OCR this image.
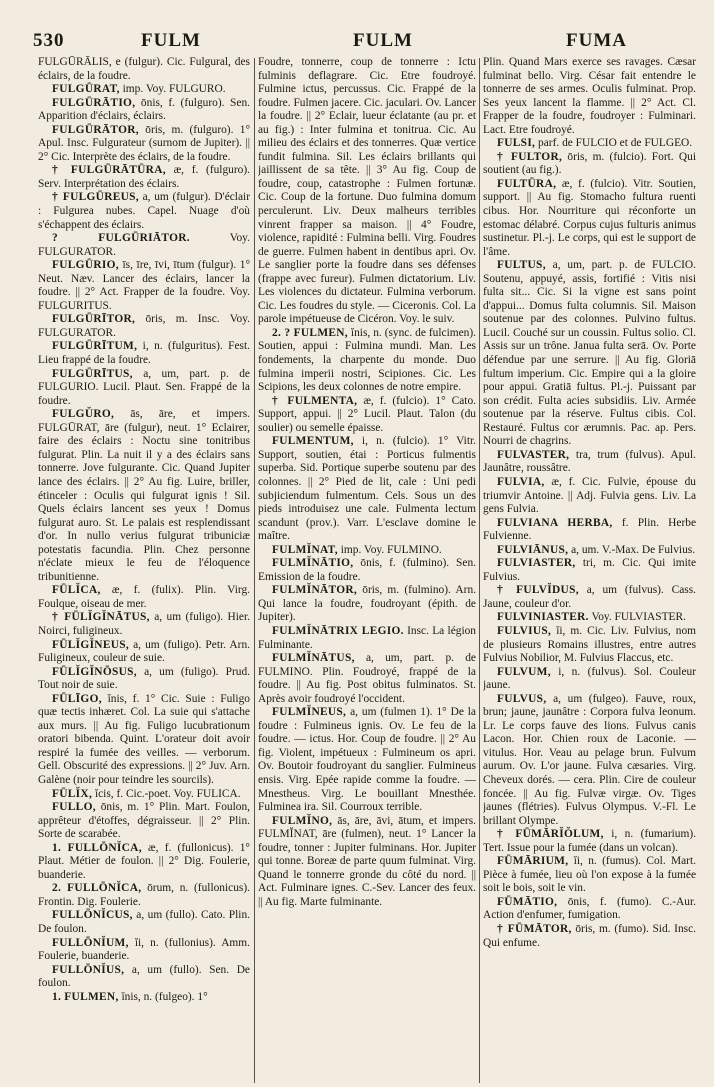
530	FULM	FULM	FUMA

FULGŪRĀLIS, e (fulgur). Cic. Fulgural, des éclairs, de la foudre.

FULGŪRAT, imp. Voy. FULGURO.

FULGŪRĀTIO, ōnis, f. (fulguro). Sen. Apparition d'éclairs, éclairs.

FULGŪRĀTOR, ōris, m. (fulguro). 1° Apul. Insc. Fulgurateur (surnom de Jupiter). || 2° Cic. Interprète des éclairs, de la foudre.

† FULGŪRĀTŪRA, æ, f. (fulguro). Serv. Interprétation des éclairs.

† FULGŪREUS, a, um (fulgur). D'éclair : Fulgurea nubes. Capel. Nuage d'où s'échappent des éclairs.

? FULGŪRIĀTOR. Voy. FULGURATOR.

FULGŪRIO, īs, īre, īvi, ītum (fulgur). 1° Neut. Næv. Lancer des éclairs, lancer la foudre. || 2° Act. Frapper de la foudre. Voy. FULGURITUS.

FULGŪRĪTOR, ōris, m. Insc. Voy. FULGURATOR.

FULGŪRĪTUM, i, n. (fulguritus). Fest. Lieu frappé de la foudre.

FULGŪRĪTUS, a, um, part. p. de FULGURIO. Lucil. Plaut. Sen. Frappé de la foudre.

FULGŬRO, ās, āre, et impers. FULGŪRAT, āre (fulgur), neut. 1° Eclairer, faire des éclairs : Noctu sine tonitribus fulgurat. Plin. La nuit il y a des éclairs sans tonnerre. Jove fulgurante. Cic. Quand Jupiter lance des éclairs. || 2° Au fig. Luire, briller, étinceler : Oculis qui fulgurat ignis ! Sil. Quels éclairs lancent ses yeux ! Domus fulgurat auro. St. Le palais est resplendissant d'or. In nullo verius fulgurat tribuniciæ potestatis facundia. Plin. Chez personne n'éclate mieux le feu de l'éloquence tribunitienne.

FŪLĬCA, æ, f. (fulix). Plin. Virg. Foulque, oiseau de mer.

† FŪLĬGĬNĀTUS, a, um (fuligo). Hier. Noirci, fuligineux.

FŪLĬGĬNEUS, a, um (fuligo). Petr. Arn. Fuligineux, couleur de suie.

FŪLĬGĬNŌSUS, a, um (fuligo). Prud. Tout noir de suie.

FŪLĪGO, ĭnis, f. 1° Cic. Suie : Fuligo quæ tectis inhæret. Col. La suie qui s'attache aux murs. || Au fig. Fuligo lucubrationum oratori bibenda. Quint. L'orateur doit avoir respiré la fumée des veilles. — verborum. Gell. Obscurité des expressions. || 2° Juv. Arn. Galène (noir pour teindre les sourcils).

FŪLĬX, ĭcis, f. Cic.-poet. Voy. FULICA.

FULLO, ōnis, m. 1° Plin. Mart. Foulon, apprêteur d'étoffes, dégraisseur. || 2° Plin. Sorte de scarabée.

1. FULLŌNĬCA, æ, f. (fullonicus). 1° Plaut. Métier de foulon. || 2° Dig. Foulerie, buanderie.

2. FULLŌNĬCA, ōrum, n. (fullonicus). Frontin. Dig. Foulerie.

FULLŌNĬCUS, a, um (fullo). Cato. Plin. De foulon.

FULLŌNĬUM, ĭi, n. (fullonius). Amm. Foulerie, buanderie.

FULLŌNĬUS, a, um (fullo). Sen. De foulon.

1. FULMEN, ĭnis, n. (fulgeo). 1°

Foudre, tonnerre, coup de tonnerre : Ictu fulminis deflagrare. Cic. Etre foudroyé. Fulmine ictus, percussus. Cic. Frappé de la foudre. Fulmen jacere. Cic. jaculari. Ov. Lancer la foudre. || 2° Eclair, lueur éclatante (au pr. et au fig.) : Inter fulmina et tonitrua. Cic. Au milieu des éclairs et des tonnerres. Quæ vertice fundit fulmina. Sil. Les éclairs brillants qui jaillissent de sa tête. || 3° Au fig. Coup de foudre, coup, catastrophe : Fulmen fortunæ. Cic. Coup de la fortune. Duo fulmina domum perculerunt. Liv. Deux malheurs terribles vinrent frapper sa maison. || 4° Foudre, violence, rapidité : Fulmina belli. Virg. Foudres de guerre. Fulmen habent in dentibus apri. Ov. Le sanglier porte la foudre dans ses défenses (frappe avec fureur). Fulmen dictatorium. Liv. Les violences du dictateur. Fulmina verborum. Cic. Les foudres du style. — Ciceronis. Col. La parole impétueuse de Cicéron. Voy. le suiv.

2. ? FULMEN, ĭnis, n. (sync. de fulcimen). Soutien, appui : Fulmina mundi. Man. Les fondements, la charpente du monde. Duo fulmina imperii nostri, Scipiones. Cic. Les Scipions, les deux colonnes de notre empire.

† FULMENTA, æ, f. (fulcio). 1° Cato. Support, appui. || 2° Lucil. Plaut. Talon (du soulier) ou semelle épaisse.

FULMENTUM, i, n. (fulcio). 1° Vitr. Support, soutien, étai : Porticus fulmentis superba. Sid. Portique superbe soutenu par des colonnes. || 2° Pied de lit, cale : Uni pedi subjiciendum fulmentum. Cels. Sous un des pieds introduisez une cale. Fulmenta lectum scandunt (prov.). Varr. L'esclave domine le maître.

FULMĬNAT, imp. Voy. FULMINO.

FULMĬNĀTIO, ōnis, f. (fulmino). Sen. Emission de la foudre.

FULMĬNĀTOR, ōris, m. (fulmino). Arn. Qui lance la foudre, foudroyant (épith. de Jupiter).

FULMĬNĀTRIX LEGIO. Insc. La légion Fulminante.

FULMĬNĀTUS, a, um, part. p. de FULMINO. Plin. Foudroyé, frappé de la foudre. || Au fig. Post obitus fulminatos. St. Après avoir foudroyé l'occident.

FULMĬNEUS, a, um (fulmen 1). 1° De la foudre : Fulmineus ignis. Ov. Le feu de la foudre. — ictus. Hor. Coup de foudre. || 2° Au fig. Violent, impétueux : Fulmineum os apri. Ov. Boutoir foudroyant du sanglier. Fulmineus ensis. Virg. Epée rapide comme la foudre. — Mnestheus. Virg. Le bouillant Mnesthée. Fulminea ira. Sil. Courroux terrible.

FULMĬNO, ās, āre, āvi, ātum, et impers. FULMĬNAT, āre (fulmen), neut. 1° Lancer la foudre, tonner : Jupiter fulminans. Hor. Jupiter qui tonne. Boreæ de parte quum fulminat. Virg. Quand le tonnerre gronde du côté du nord. || Act. Fulminare ignes. C.-Sev. Lancer des feux. || Au fig. Marte fulminante.

Plin. Quand Mars exerce ses ravages. Cæsar fulminat bello. Virg. César fait entendre le tonnerre de ses armes. Oculis fulminat. Prop. Ses yeux lancent la flamme. || 2° Act. Cl. Frapper de la foudre, foudroyer : Fulminari. Lact. Etre foudroyé.

FULSI, parf. de FULCIO et de FULGEO.

† FULTOR, ōris, m. (fulcio). Fort. Qui soutient (au fig.).

FULTŪRA, æ, f. (fulcio). Vitr. Soutien, support. || Au fig. Stomacho fultura ruenti cibus. Hor. Nourriture qui réconforte un estomac délabré. Corpus cujus fulturis animus sustinetur. Pl.-j. Le corps, qui est le support de l'âme.

FULTUS, a, um, part. p. de FULCIO. Soutenu, appuyé, assis, fortifié : Vitis nisi fulta sit... Cic. Si la vigne est sans point d'appui... Domus fulta columnis. Sil. Maison soutenue par des colonnes. Pulvino fultus. Lucil. Couché sur un coussin. Fultus solio. Cl. Assis sur un trône. Janua fulta serā. Ov. Porte défendue par une serrure. || Au fig. Gloriā fultum imperium. Cic. Empire qui a la gloire pour appui. Gratiā fultus. Pl.-j. Puissant par son crédit. Fulta acies subsidiis. Liv. Armée soutenue par la réserve. Fultus cibis. Col. Restauré. Fultus cor ærumnis. Pac. ap. Pers. Nourri de chagrins.

FULVASTER, tra, trum (fulvus). Apul. Jaunâtre, roussâtre.

FULVIA, æ, f. Cic. Fulvie, épouse du triumvir Antoine. || Adj. Fulvia gens. Liv. La gens Fulvia.

FULVIANA HERBA, f. Plin. Herbe Fulvienne.

FULVIĀNUS, a, um. V.-Max. De Fulvius.

FULVIASTER, tri, m. Cic. Qui imite Fulvius.

† FULVĬDUS, a, um (fulvus). Cass. Jaune, couleur d'or.

FULVINIASTER. Voy. FULVIASTER.

FULVIUS, ĭi, m. Cic. Liv. Fulvius, nom de plusieurs Romains illustres, entre autres Fulvius Nobilior, M. Fulvius Flaccus, etc.

FULVUM, i, n. (fulvus). Sol. Couleur jaune.

FULVUS, a, um (fulgeo). Fauve, roux, brun; jaune, jaunâtre : Corpora fulva leonum. Lr. Le corps fauve des lions. Fulvus canis Lacon. Hor. Chien roux de Laconie. — vitulus. Hor. Veau au pelage brun. Fulvum aurum. Ov. L'or jaune. Fulva cæsaries. Virg. Cheveux dorés. — cera. Plin. Cire de couleur foncée. || Au fig. Fulvæ virgæ. Ov. Tiges jaunes (flétries). Fulvus Olympus. V.-Fl. Le brillant Olympe.

† FŪMĀRĬŎLUM, i, n. (fumarium). Tert. Issue pour la fumée (dans un volcan).

FŪMĀRIUM, ĭi, n. (fumus). Col. Mart. Pièce à fumée, lieu où l'on expose à la fumée soit le bois, soit le vin.

FŪMĀTIO, ōnis, f. (fumo). C.-Aur. Action d'enfumer, fumigation.

† FŪMĀTOR, ōris, m. (fumo). Sid. Insc. Qui enfume.
